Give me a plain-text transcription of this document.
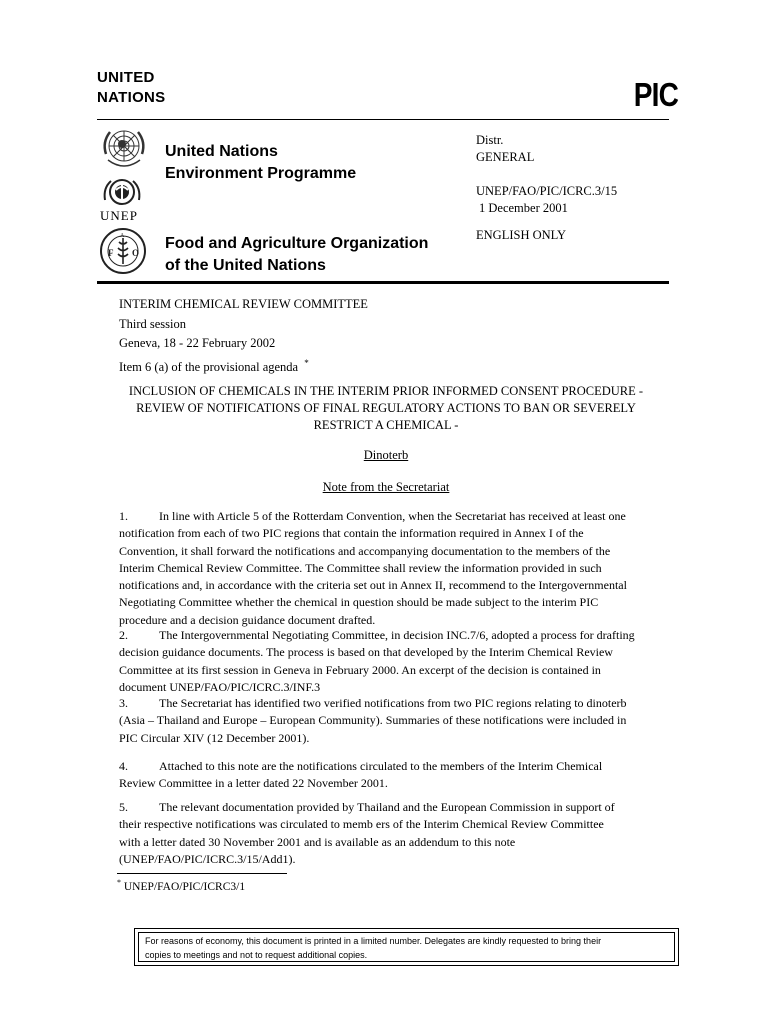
UNITED
NATIONS	PIC
UNEP
F O
A
United Nations
Environment Programme
Food and Agriculture Organization
of the United Nations
Distr.
GENERAL
UNEP/FAO/PIC/ICRC.3/15
1 December 2001
ENGLISH ONLY
INTERIM CHEMICAL REVIEW COMMITTEE
Third session
Geneva, 18 - 22 February 2002
Item 6 (a) of the provisional agenda *
INCLUSION OF CHEMICALS IN THE INTERIM PRIOR INFORMED CONSENT PROCEDURE -
REVIEW OF NOTIFICATIONS OF FINAL REGULATORY ACTIONS TO BAN OR SEVERELY
RESTRICT A CHEMICAL -
Dinoterb
Note from the Secretariat
1.	In line with Article 5 of the Rotterdam Convention, when the Secretariat has received at least one
notification from each of two PIC regions that contain the information required in Annex I of the
Convention, it shall forward the notifications and accompanying documentation to the members of the
Interim Chemical Review Committee. The Committee shall review the information provided in such
notifications and, in accordance with the criteria set out in Annex II, recommend to the Intergovernmental
Negotiating Committee whether the chemical in question should be made subject to the interim PIC
procedure and a decision guidance document drafted.
2.	The Intergovernmental Negotiating Committee, in decision INC.7/6, adopted a process for drafting
decision guidance documents. The process is based on that developed by the Interim Chemical Review
Committee at its first session in Geneva in February 2000. An excerpt of the decision is contained in
document UNEP/FAO/PIC/ICRC.3/INF.3
3.	The Secretariat has identified two verified notifications from two PIC regions relating to dinoterb
(Asia – Thailand and Europe – European Community). Summaries of these notifications were included in
PIC Circular XIV (12 December 2001).
4.	Attached to this note are the notifications circulated to the members of the Interim Chemical
Review Committee in a letter dated 22 November 2001.
5.	The relevant documentation provided by Thailand and the European Commission in support of
their respective notifications was circulated to memb ers of the Interim Chemical Review Committee
with a letter dated 30 November 2001 and is available as an addendum to this note
(UNEP/FAO/PIC/ICRC.3/15/Add1).
* UNEP/FAO/PIC/ICRC3/1
For reasons of economy, this document is printed in a limited number. Delegates are kindly requested to bring their
copies to meetings and not to request additional copies.
